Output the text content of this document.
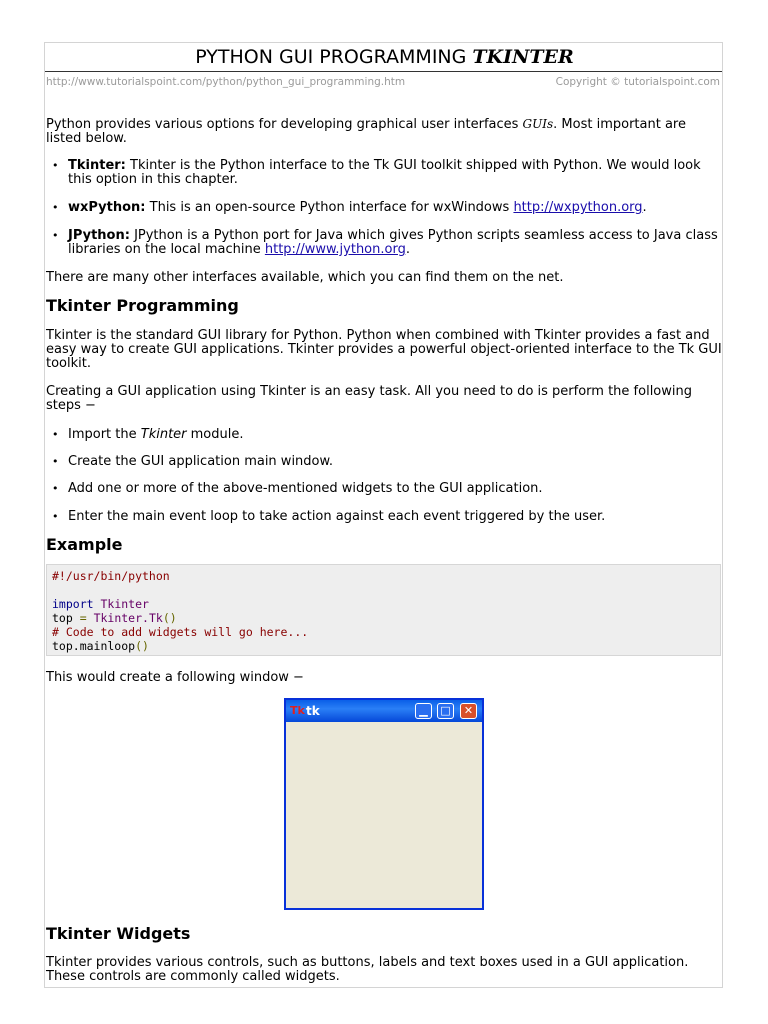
PYTHON GUI PROGRAMMING TKINTER
http://www.tutorialspoint.com/python/python_gui_programming.htm	Copyright © tutorialspoint.com

Python provides various options for developing graphical user interfaces GUIs. Most important are listed below.

• Tkinter: Tkinter is the Python interface to the Tk GUI toolkit shipped with Python. We would look this option in this chapter.
• wxPython: This is an open-source Python interface for wxWindows http://wxpython.org.
• JPython: JPython is a Python port for Java which gives Python scripts seamless access to Java class libraries on the local machine http://www.jython.org.

There are many other interfaces available, which you can find them on the net.

Tkinter Programming

Tkinter is the standard GUI library for Python. Python when combined with Tkinter provides a fast and easy way to create GUI applications. Tkinter provides a powerful object-oriented interface to the Tk GUI toolkit.

Creating a GUI application using Tkinter is an easy task. All you need to do is perform the following steps −

• Import the Tkinter module.
• Create the GUI application main window.
• Add one or more of the above-mentioned widgets to the GUI application.
• Enter the main event loop to take action against each event triggered by the user.
Example
#!/usr/bin/python

import Tkinter
top = Tkinter.Tk()
# Code to add widgets will go here...
top.mainloop()

This would create a following window −

Tk tk	▁	□	✕
Tkinter Widgets

Tkinter provides various controls, such as buttons, labels and text boxes used in a GUI application. These controls are commonly called widgets.
